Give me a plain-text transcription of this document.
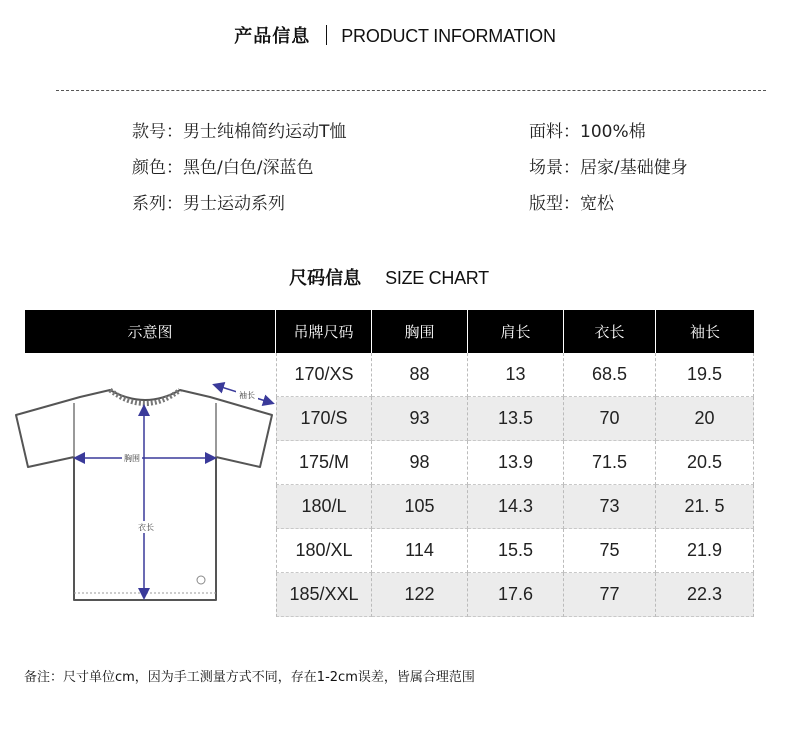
产品信息 PRODUCT INFORMATION
款号：男士纯棉简约运动T恤
颜色：黑色/白色/深蓝色
系列：男士运动系列
面料：100%棉
场景：居家/基础健身
版型：宽松
尺码信息 SIZE CHART
示意图	吊牌尺码	胸围	肩长	衣长	袖长
170/XS	88	13	68.5	19.5
170/S	93	13.5	70	20
175/M	98	13.9	71.5	20.5
180/L	105	14.3	73	21. 5
180/XL	114	15.5	75	21.9
185/XXL	122	17.6	77	22.3
袖长
胸围
衣长
备注：尺寸单位cm，因为手工测量方式不同，存在1-2cm误差，皆属合理范围
